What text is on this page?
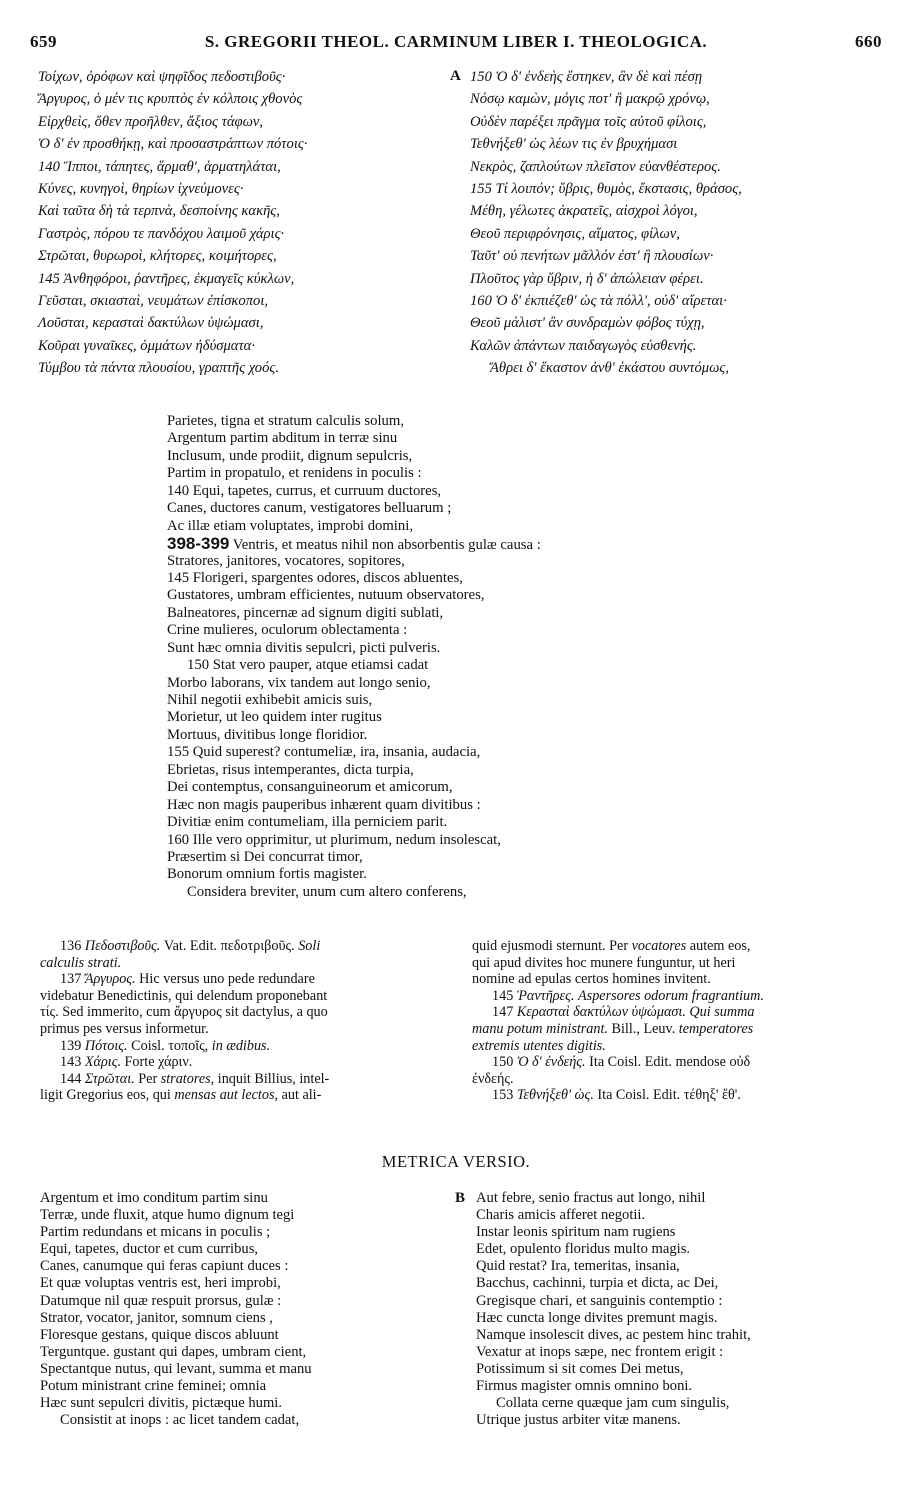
659	S. GREGORII THEOL. CARMINUM LIBER I. THEOLOGICA.	660
Τοίχων, ὀρόφων καὶ ψηφῖδος πεδοστιβοῦς·
Ἄργυρος, ὁ μέν τις κρυπτὸς ἐν κόλποις χθονὸς
Εἱρχθεὶς, ὅθεν προῆλθεν, ἄξιος τάφων,
Ὁ δ' ἐν προσθήκῃ, καὶ προσαστράπτων πότοις·
140 Ἵπποι, τάπητες, ἅρμαθ', ἁρματηλάται,
Κύνες, κυνηγοὶ, θηρίων ἰχνεύμονες·
Καὶ ταῦτα δὴ τὰ τερπνὰ, δεσποίνης κακῆς,
Γαστρὸς, πόρου τε πανδόχου λαιμοῦ χάρις·
Στρῶται, θυρωροὶ, κλήτορες, κοιμήτορες,
145 Ἀνθηφόροι, ῥαντῆρες, ἐκμαγεῖς κύκλων,
Γεῦσται, σκιασταὶ, νευμάτων ἐπίσκοποι,
Λοῦσται, κερασταὶ δακτύλων ὑψώμασι,
Κοῦραι γυναῖκες, ὀμμάτων ἠδύσματα·
Τύμβου τὰ πάντα πλουσίου, γραπτῆς χοός.
A 150 Ὁ δ' ἐνδεὴς ἕστηκεν, ἂν δὲ καὶ πέσῃ
Νόσῳ καμὼν, μόγις ποτ' ἢ μακρῷ χρόνῳ,
Οὐδὲν παρέξει πρᾶγμα τοῖς αὐτοῦ φίλοις,
Τεθνήξεθ' ὡς λέων τις ἐν βρυχήμασι
Νεκρὸς, ζαπλούτων πλεῖστον εὐανθέστερος.
155 Τί λοιπόν; ὕβρις, θυμὸς, ἔκστασις, θράσος,
Μέθη, γέλωτες ἀκρατεῖς, αἰσχροὶ λόγοι,
Θεοῦ περιφρόνησις, αἵματος, φίλων,
Ταῦτ' οὐ πενήτων μᾶλλόν ἐστ' ἢ πλουσίων·
Πλοῦτος γὰρ ὕβριν, ἡ δ' ἀπώλειαν φέρει.
160 Ὁ δ' ἐκπιέζεθ' ὡς τὰ πόλλ', οὐδ' αἴρεται·
Θεοῦ μάλιστ' ἂν συνδραμὼν φόβος τύχῃ,
Καλῶν ἁπάντων παιδαγωγὸς εὐσθενής.
Ἄθρει δ' ἕκαστον ἀνθ' ἑκάστου συντόμως,
Parietes, tigna et stratum calculis solum,
Argentum partim abditum in terræ sinu
Inclusum, unde prodiit, dignum sepulcris,
Partim in propatulo, et renidens in poculis :
140 Equi, tapetes, currus, et curruum ductores,
Canes, ductores canum, vestigatores belluarum ;
Ac illæ etiam voluptates, improbi domini,
398-399 Ventris, et meatus nihil non absorbentis gulæ causa :
Stratores, janitores, vocatores, sopitores,
145 Florigeri, spargentes odores, discos abluentes,
Gustatores, umbram efficientes, nutuum observatores,
Balneatores, pincernæ ad signum digiti sublati,
Crine mulieres, oculorum oblectamenta :
Sunt hæc omnia divitis sepulcri, picti pulveris.
150 Stat vero pauper, atque etiamsi cadat
Morbo laborans, vix tandem aut longo senio,
Nihil negotii exhibebit amicis suis,
Morietur, ut leo quidem inter rugitus
Mortuus, divitibus longe floridior.
155 Quid superest? contumeliæ, ira, insania, audacia,
Ebrietas, risus intemperantes, dicta turpia,
Dei contemptus, consanguineorum et amicorum,
Hæc non magis pauperibus inhærent quam divitibus :
Divitiæ enim contumeliam, illa perniciem parit.
160 Ille vero opprimitur, ut plurimum, nedum insolescat,
Præsertim si Dei concurrat timor,
Bonorum omnium fortis magister.
Considera breviter, unum cum altero conferens,
136 Πεδοστιβοῦς. Vat. Edit. πεδοτριβοῦς. Soli
calculis strati.
137 Ἄργυρος. Hic versus uno pede redundare
videbatur Benedictinis, qui delendum proponebant
τίς. Sed immerito, cum ἄργυρος sit dactylus, a quo
primus pes versus informetur.
139 Πότοις. Coisl. τοποῖς, in ædibus.
143 Χάρις. Forte χάριν.
144 Στρῶται. Per stratores, inquit Billius, intel-
ligit Gregorius eos, qui mensas aut lectos, aut ali-
quid ejusmodi sternunt. Per vocatores autem eos,
qui apud divites hoc munere funguntur, ut heri
nomine ad epulas certos homines invitent.
145 Ῥαντῆρες. Aspersores odorum fragrantium.
147 Κερασταὶ δακτύλων ὑψώμασι. Qui summa
manu potum ministrant. Bill., Leuv. temperatores
extremis utentes digitis.
150 Ὁ δ' ἐνδεής. Ita Coisl. Edit. mendose οὐδ
ἐνδεής.
153 Τεθνήξεθ' ὡς. Ita Coisl. Edit. τέθηξ' ἔθ'.
METRICA VERSIO.
Argentum et imo conditum partim sinu
Terræ, unde fluxit, atque humo dignum tegi
Partim redundans et micans in poculis ;
Equi, tapetes, ductor et cum curribus,
Canes, canumque qui feras capiunt duces :
Et quæ voluptas ventris est, heri improbi,
Datumque nil quæ respuit prorsus, gulæ :
Strator, vocator, janitor, somnum ciens ,
Floresque gestans, quique discos abluunt
Terguntque. gustant qui dapes, umbram cient,
Spectantque nutus, qui levant, summa et manu
Potum ministrant crine feminei; omnia
Hæc sunt sepulcri divitis, pictæque humi.
Consistit at inops : ac licet tandem cadat,
B Aut febre, senio fractus aut longo, nihil
Charis amicis afferet negotii.
Instar leonis spiritum nam rugiens
Edet, opulento floridus multo magis.
Quid restat? Ira, temeritas, insania,
Bacchus, cachinni, turpia et dicta, ac Dei,
Gregisque chari, et sanguinis contemptio :
Hæc cuncta longe divites premunt magis.
Namque insolescit dives, ac pestem hinc trahit,
Vexatur at inops sæpe, nec frontem erigit :
Potissimum si sit comes Dei metus,
Firmus magister omnis omnino boni.
Collata cerne quæque jam cum singulis,
Utrique justus arbiter vitæ manens.
